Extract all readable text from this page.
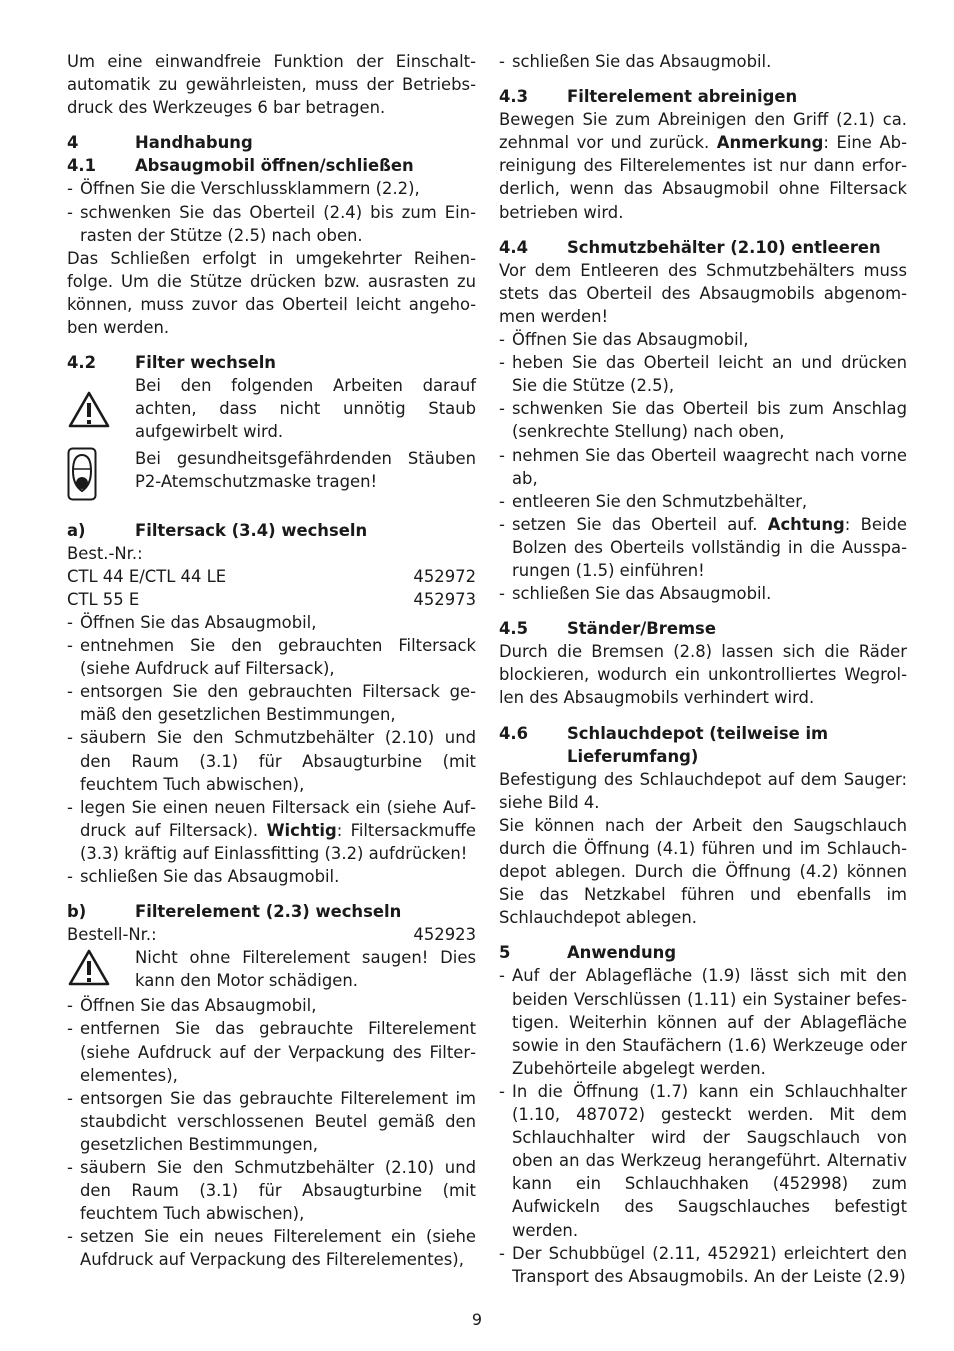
Um eine einwandfreie Funktion der Einschaltautomatik zu gewährleisten, muss der Betriebsdruck des Werkzeuges 6 bar betragen.

4	Handhabung
4.1	Absaugmobil öffnen/schließen
- Öffnen Sie die Verschlussklammern (2.2),
- schwenken Sie das Oberteil (2.4) bis zum Einrasten der Stütze (2.5) nach oben.

Das Schließen erfolgt in umgekehrter Reihenfolge. Um die Stütze drücken bzw. ausrasten zu können, muss zuvor das Oberteil leicht angehoben werden.

4.2	Filter wechseln
Bei den folgenden Arbeiten darauf achten, dass nicht unnötig Staub aufgewirbelt wird.
Bei gesundheitsgefährdenden Stäuben P2-Atemschutzmaske tragen!
a)	Filtersack (3.4) wechseln

Best.-Nr.:

CTL 44 E/CTL 44 LE	452972
CTL 55 E	452973
- Öffnen Sie das Absaugmobil,
- entnehmen Sie den gebrauchten Filtersack (siehe Aufdruck auf Filtersack),
- entsorgen Sie den gebrauchten Filtersack gemäß den gesetzlichen Bestimmungen,
- säubern Sie den Schmutzbehälter (2.10) und den Raum (3.1) für Absaugturbine (mit feuchtem Tuch abwischen),
- legen Sie einen neuen Filtersack ein (siehe Aufdruck auf Filtersack). Wichtig: Filtersackmuffe (3.3) kräftig auf Einlassfitting (3.2) aufdrücken!
- schließen Sie das Absaugmobil.
b)	Filterelement (2.3) wechseln
Bestell-Nr.:	452923
Nicht ohne Filterelement saugen! Dies kann den Motor schädigen.
- Öffnen Sie das Absaugmobil,
- entfernen Sie das gebrauchte Filterelement (siehe Aufdruck auf der Verpackung des Filterelementes),
- entsorgen Sie das gebrauchte Filterelement im staubdicht verschlossenen Beutel gemäß den gesetzlichen Bestimmungen,
- säubern Sie den Schmutzbehälter (2.10) und den Raum (3.1) für Absaugturbine (mit feuchtem Tuch abwischen),
- setzen Sie ein neues Filterelement ein (siehe Aufdruck auf Verpackung des Filterelementes),
- schließen Sie das Absaugmobil.
4.3	Filterelement abreinigen

Bewegen Sie zum Abreinigen den Griff (2.1) ca. zehnmal vor und zurück. Anmerkung: Eine Abreinigung des Filterelementes ist nur dann erforderlich, wenn das Absaugmobil ohne Filtersack betrieben wird.

4.4	Schmutzbehälter (2.10) entleeren

Vor dem Entleeren des Schmutzbehälters muss stets das Oberteil des Absaugmobils abgenommen werden!

- Öffnen Sie das Absaugmobil,
- heben Sie das Oberteil leicht an und drücken Sie die Stütze (2.5),
- schwenken Sie das Oberteil bis zum Anschlag (senkrechte Stellung) nach oben,
- nehmen Sie das Oberteil waagrecht nach vorne ab,
- entleeren Sie den Schmutzbehälter,
- setzen Sie das Oberteil auf. Achtung: Beide Bolzen des Oberteils vollständig in die Aussparungen (1.5) einführen!
- schließen Sie das Absaugmobil.
4.5	Ständer/Bremse

Durch die Bremsen (2.8) lassen sich die Räder blockieren, wodurch ein unkontrolliertes Wegrollen des Absaugmobils verhindert wird.

4.6	Schlauchdepot (teilweise im Lieferumfang)

Befestigung des Schlauchdepot auf dem Sauger: siehe Bild 4.

Sie können nach der Arbeit den Saugschlauch durch die Öffnung (4.1) führen und im Schlauchdepot ablegen. Durch die Öffnung (4.2) können Sie das Netzkabel führen und ebenfalls im Schlauchdepot ablegen.

5	Anwendung
- Auf der Ablagefläche (1.9) lässt sich mit den beiden Verschlüssen (1.11) ein Systainer befestigen. Weiterhin können auf der Ablagefläche sowie in den Staufächern (1.6) Werkzeuge oder Zubehörteile abgelegt werden.
- In die Öffnung (1.7) kann ein Schlauchhalter (1.10, 487072) gesteckt werden. Mit dem Schlauchhalter wird der Saugschlauch von oben an das Werkzeug herangeführt. Alternativ kann ein Schlauchhaken (452998) zum Aufwickeln des Saugschlauches befestigt werden.
- Der Schubbügel (2.11, 452921) erleichtert den Transport des Absaugmobils. An der Leiste (2.9)
9
